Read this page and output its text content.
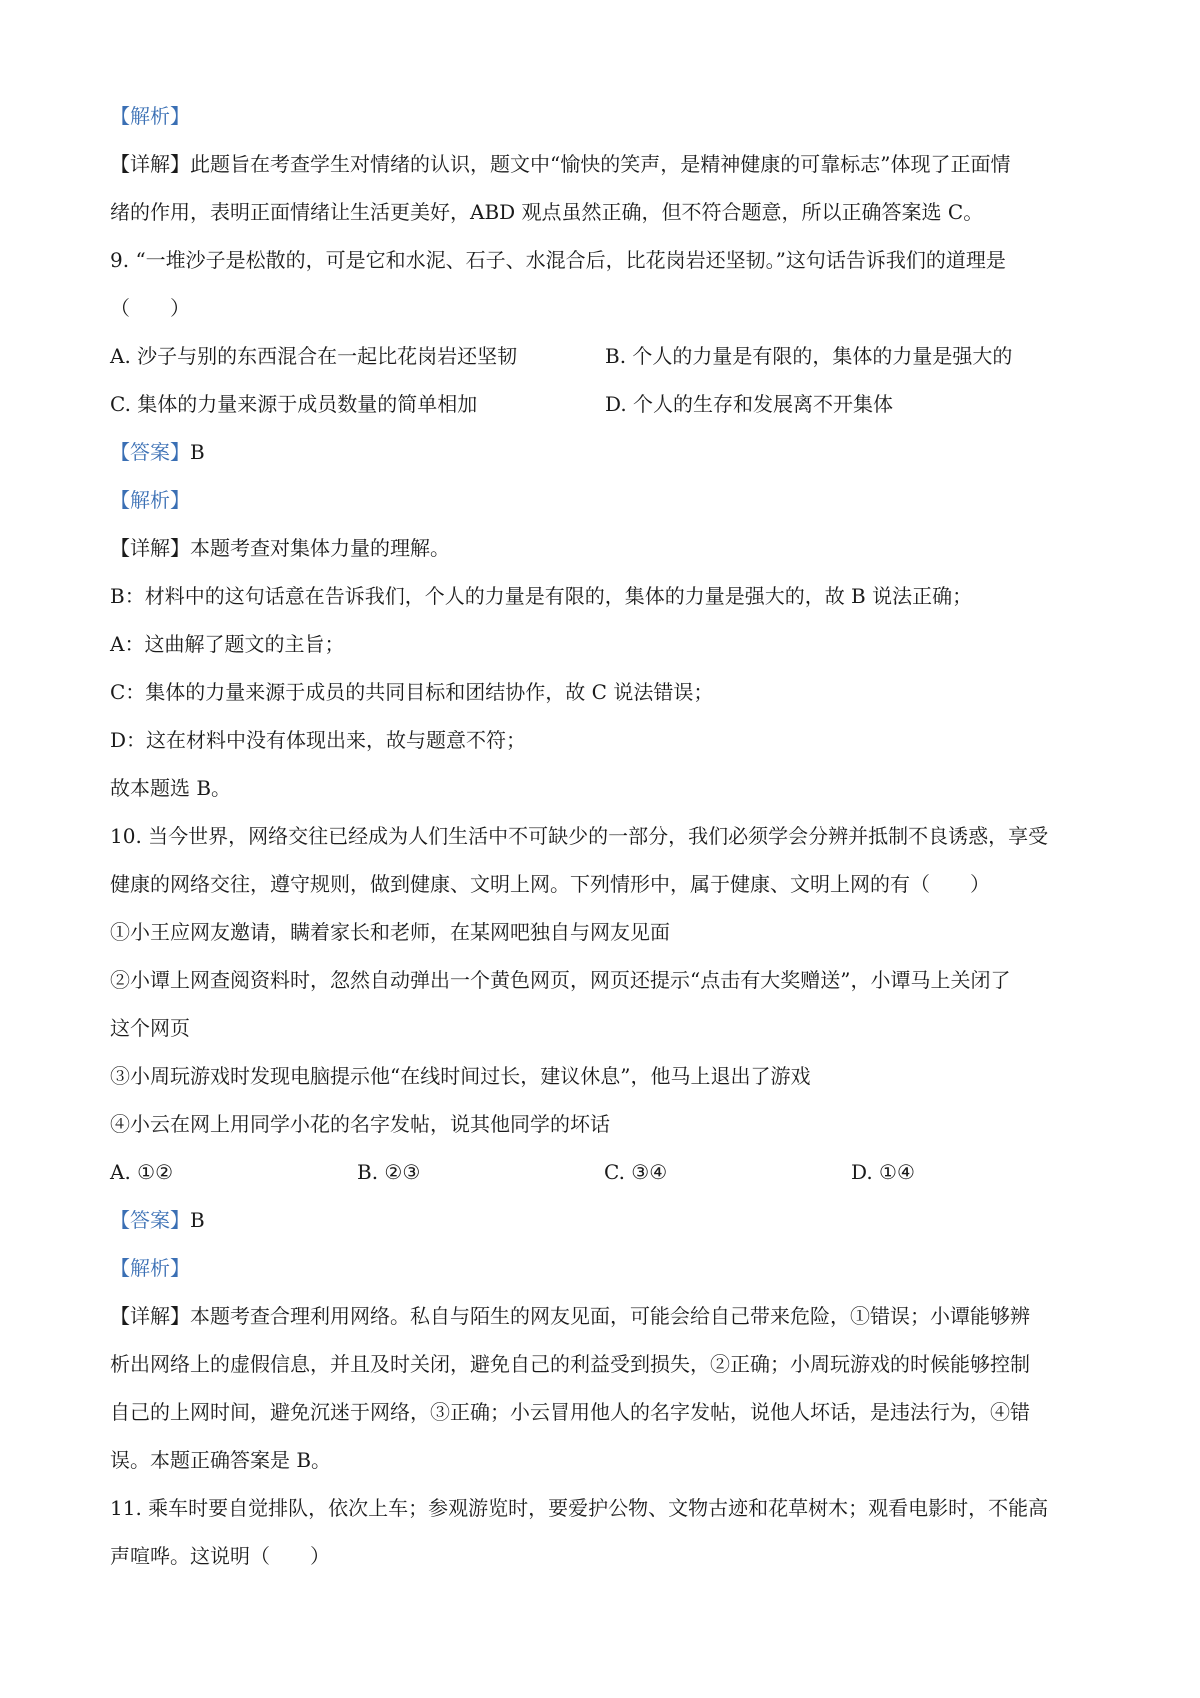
【解析】
【详解】此题旨在考查学生对情绪的认识，题文中“愉快的笑声，是精神健康的可靠标志”体现了正面情
绪的作用，表明正面情绪让生活更美好，ABD 观点虽然正确，但不符合题意，所以正确答案选 C。
9. “一堆沙子是松散的，可是它和水泥、石子、水混合后，比花岗岩还坚韧。”这句话告诉我们的道理是
（　　）
A. 沙子与别的东西混合在一起比花岗岩还坚韧	B. 个人的力量是有限的，集体的力量是强大的
C. 集体的力量来源于成员数量的简单相加	D. 个人的生存和发展离不开集体
【答案】B
【解析】
【详解】本题考查对集体力量的理解。
B：材料中的这句话意在告诉我们，个人的力量是有限的，集体的力量是强大的，故 B 说法正确；
A：这曲解了题文的主旨；
C：集体的力量来源于成员的共同目标和团结协作，故 C 说法错误；
D：这在材料中没有体现出来，故与题意不符；
故本题选 B。
10. 当今世界，网络交往已经成为人们生活中不可缺少的一部分，我们必须学会分辨并抵制不良诱惑，享受
健康的网络交往，遵守规则，做到健康、文明上网。下列情形中，属于健康、文明上网的有（　　）
①小王应网友邀请，瞒着家长和老师，在某网吧独自与网友见面
②小谭上网查阅资料时，忽然自动弹出一个黄色网页，网页还提示“点击有大奖赠送”，小谭马上关闭了
这个网页
③小周玩游戏时发现电脑提示他“在线时间过长，建议休息”，他马上退出了游戏
④小云在网上用同学小花的名字发帖，说其他同学的坏话
A. ①②	B. ②③	C. ③④	D. ①④
【答案】B
【解析】
【详解】本题考查合理利用网络。私自与陌生的网友见面，可能会给自己带来危险，①错误；小谭能够辨
析出网络上的虚假信息，并且及时关闭，避免自己的利益受到损失，②正确；小周玩游戏的时候能够控制
自己的上网时间，避免沉迷于网络，③正确；小云冒用他人的名字发帖，说他人坏话，是违法行为，④错
误。本题正确答案是 B。
11. 乘车时要自觉排队，依次上车；参观游览时，要爱护公物、文物古迹和花草树木；观看电影时，不能高
声喧哗。这说明（　　）
